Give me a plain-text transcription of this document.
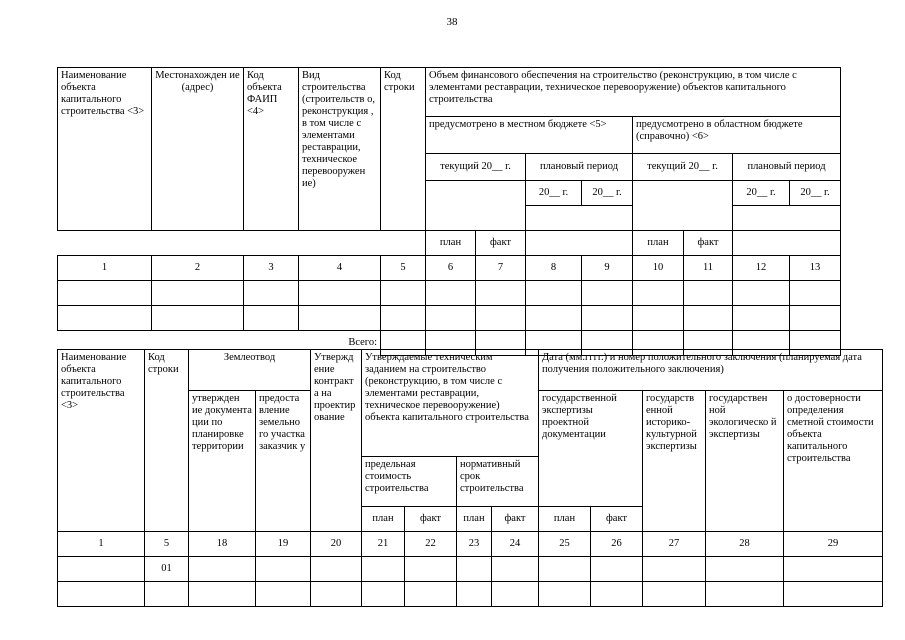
38
Наименование объекта капитального строительства <3>	Местонахожден ие (адрес)	Код объекта ФАИП <4>	Вид строительства (строительств о, реконструкция , в том числе с элементами реставрации, техническое перевооружен ие)	Код строки	Объем финансового обеспечения на строительство (реконструкцию, в том числе с элементами реставрации, техническое перевооружение) объектов капитального строительства							
					предусмотрено в местном бюджете <5>				предусмотрено в областном бюджете (справочно) <6>			
					текущий 20__ г.		плановый период		текущий 20__ г.		плановый период	
							20__ г.	20__ г.			20__ г.	20__ г.

					план	факт			план	факт		
1	2	3	4	5	6	7	8	9	10	11	12	13

Всего:												
Наименование объекта капитального строительства <3>	Код строки	Землеотвод		Утвержд ение контракт а на проектир ование	Утверждаемые техническим заданием на строительство (реконструкцию, в том числе с элементами реставрации, техническое перевооружение) объекта капитального строительства				Дата (мм.гггг.) и номер положительного заключения (планируемая дата получения положительного заключения)				
		утвержден ие документа ции по планировке территории	предоста вление земельно го участка заказчик у						государственной экспертизы проектной документации		государств енной историко-культурной экспертизы	государствен ной экологическо й экспертизы	о достоверности определения сметной стоимости объекта капитального строительства
					предельная стоимость строительства		нормативный срок строительства						
					план	факт	план	факт	план	факт			
1	5	18	19	20	21	22	23	24	25	26	27	28	29
	01												
